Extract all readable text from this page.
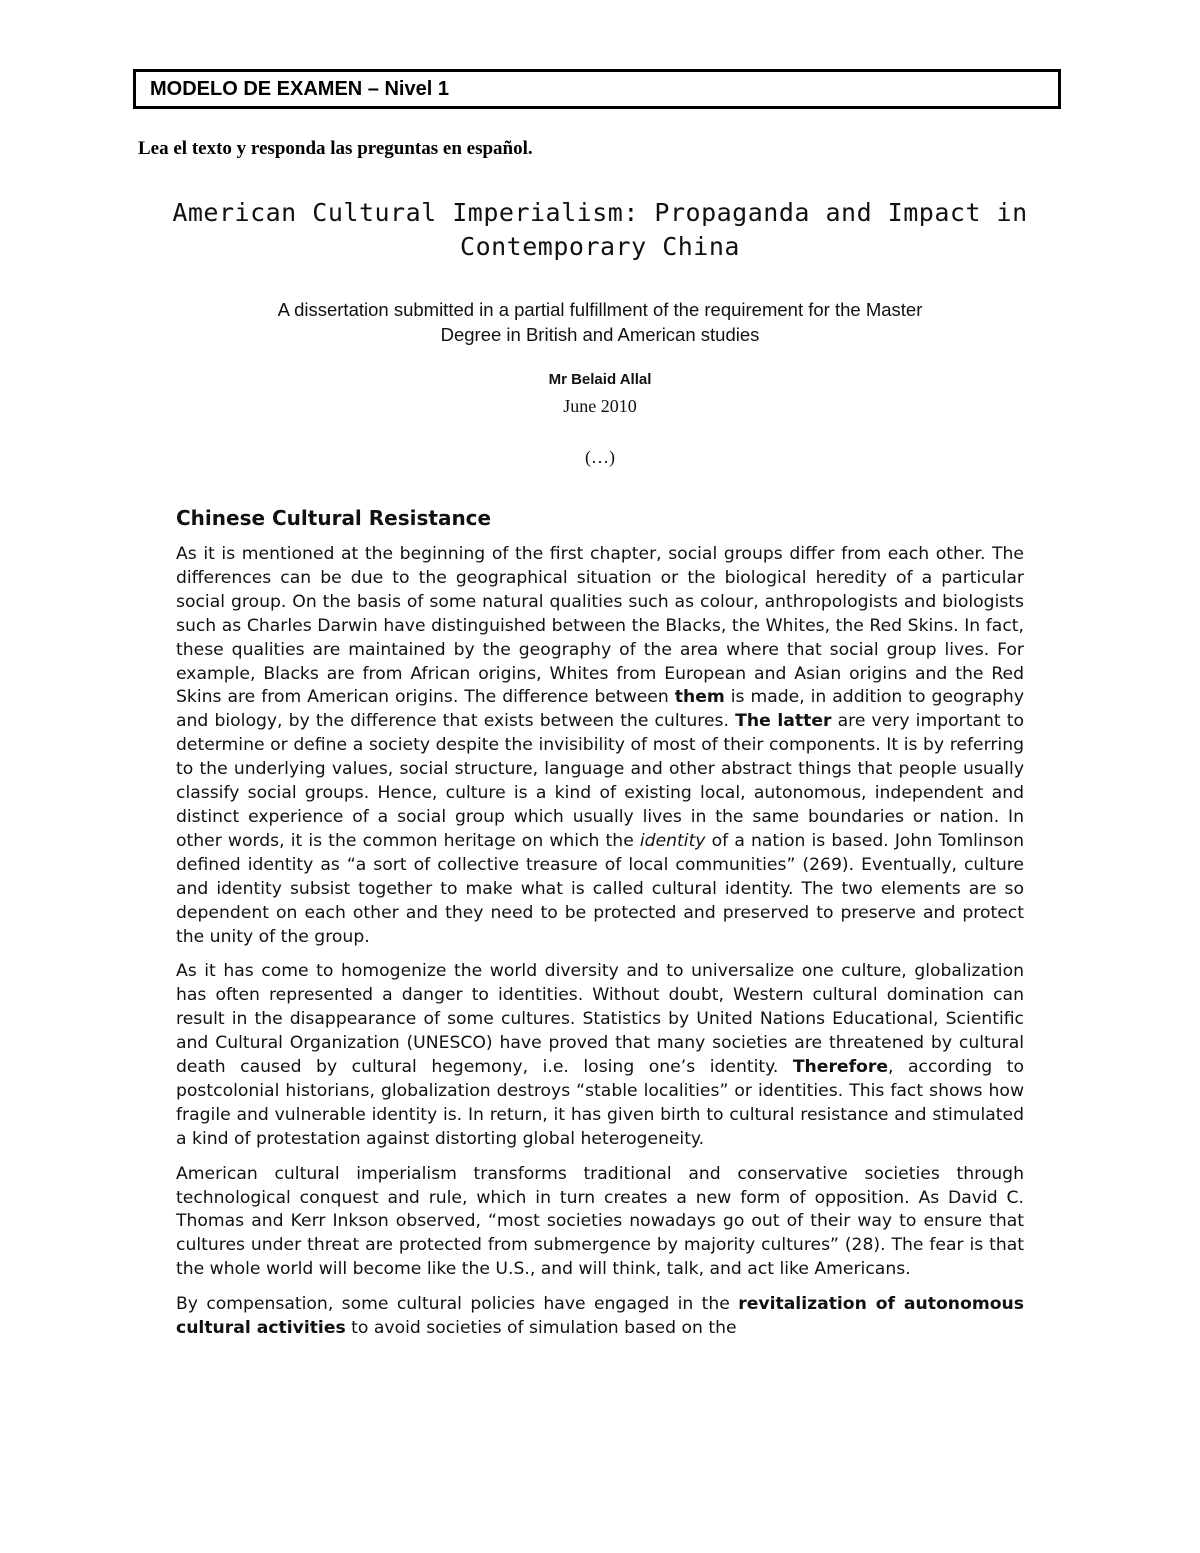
MODELO DE EXAMEN – Nivel 1
Lea el texto y responda las preguntas en español.
American Cultural Imperialism: Propaganda and Impact in
Contemporary China
A dissertation submitted in a partial fulfillment of the requirement for the Master
Degree in British and American studies
Mr Belaid Allal
June 2010
(…)
Chinese Cultural Resistance

As it is mentioned at the beginning of the first chapter, social groups differ from each other. The differences can be due to the geographical situation or the biological heredity of a particular social group. On the basis of some natural qualities such as colour, anthropologists and biologists such as Charles Darwin have distinguished between the Blacks, the Whites, the Red Skins. In fact, these qualities are maintained by the geography of the area where that social group lives. For example, Blacks are from African origins, Whites from European and Asian origins and the Red Skins are from American origins. The difference between them is made, in addition to geography and biology, by the difference that exists between the cultures. The latter are very important to determine or define a society despite the invisibility of most of their components. It is by referring to the underlying values, social structure, language and other abstract things that people usually classify social groups. Hence, culture is a kind of existing local, autonomous, independent and distinct experience of a social group which usually lives in the same boundaries or nation. In other words, it is the common heritage on which the identity of a nation is based. John Tomlinson defined identity as “a sort of collective treasure of local communities” (269). Eventually, culture and identity subsist together to make what is called cultural identity. The two elements are so dependent on each other and they need to be protected and preserved to preserve and protect the unity of the group.

As it has come to homogenize the world diversity and to universalize one culture, globalization has often represented a danger to identities. Without doubt, Western cultural domination can result in the disappearance of some cultures. Statistics by United Nations Educational, Scientific and Cultural Organization (UNESCO) have proved that many societies are threatened by cultural death caused by cultural hegemony, i.e. losing one’s identity. Therefore, according to postcolonial historians, globalization destroys “stable localities” or identities. This fact shows how fragile and vulnerable identity is. In return, it has given birth to cultural resistance and stimulated a kind of protestation against distorting global heterogeneity.

American cultural imperialism transforms traditional and conservative societies through technological conquest and rule, which in turn creates a new form of opposition. As David C. Thomas and Kerr Inkson observed, “most societies nowadays go out of their way to ensure that cultures under threat are protected from submergence by majority cultures” (28). The fear is that the whole world will become like the U.S., and will think, talk, and act like Americans.

By compensation, some cultural policies have engaged in the revitalization of autonomous cultural activities to avoid societies of simulation based on the
